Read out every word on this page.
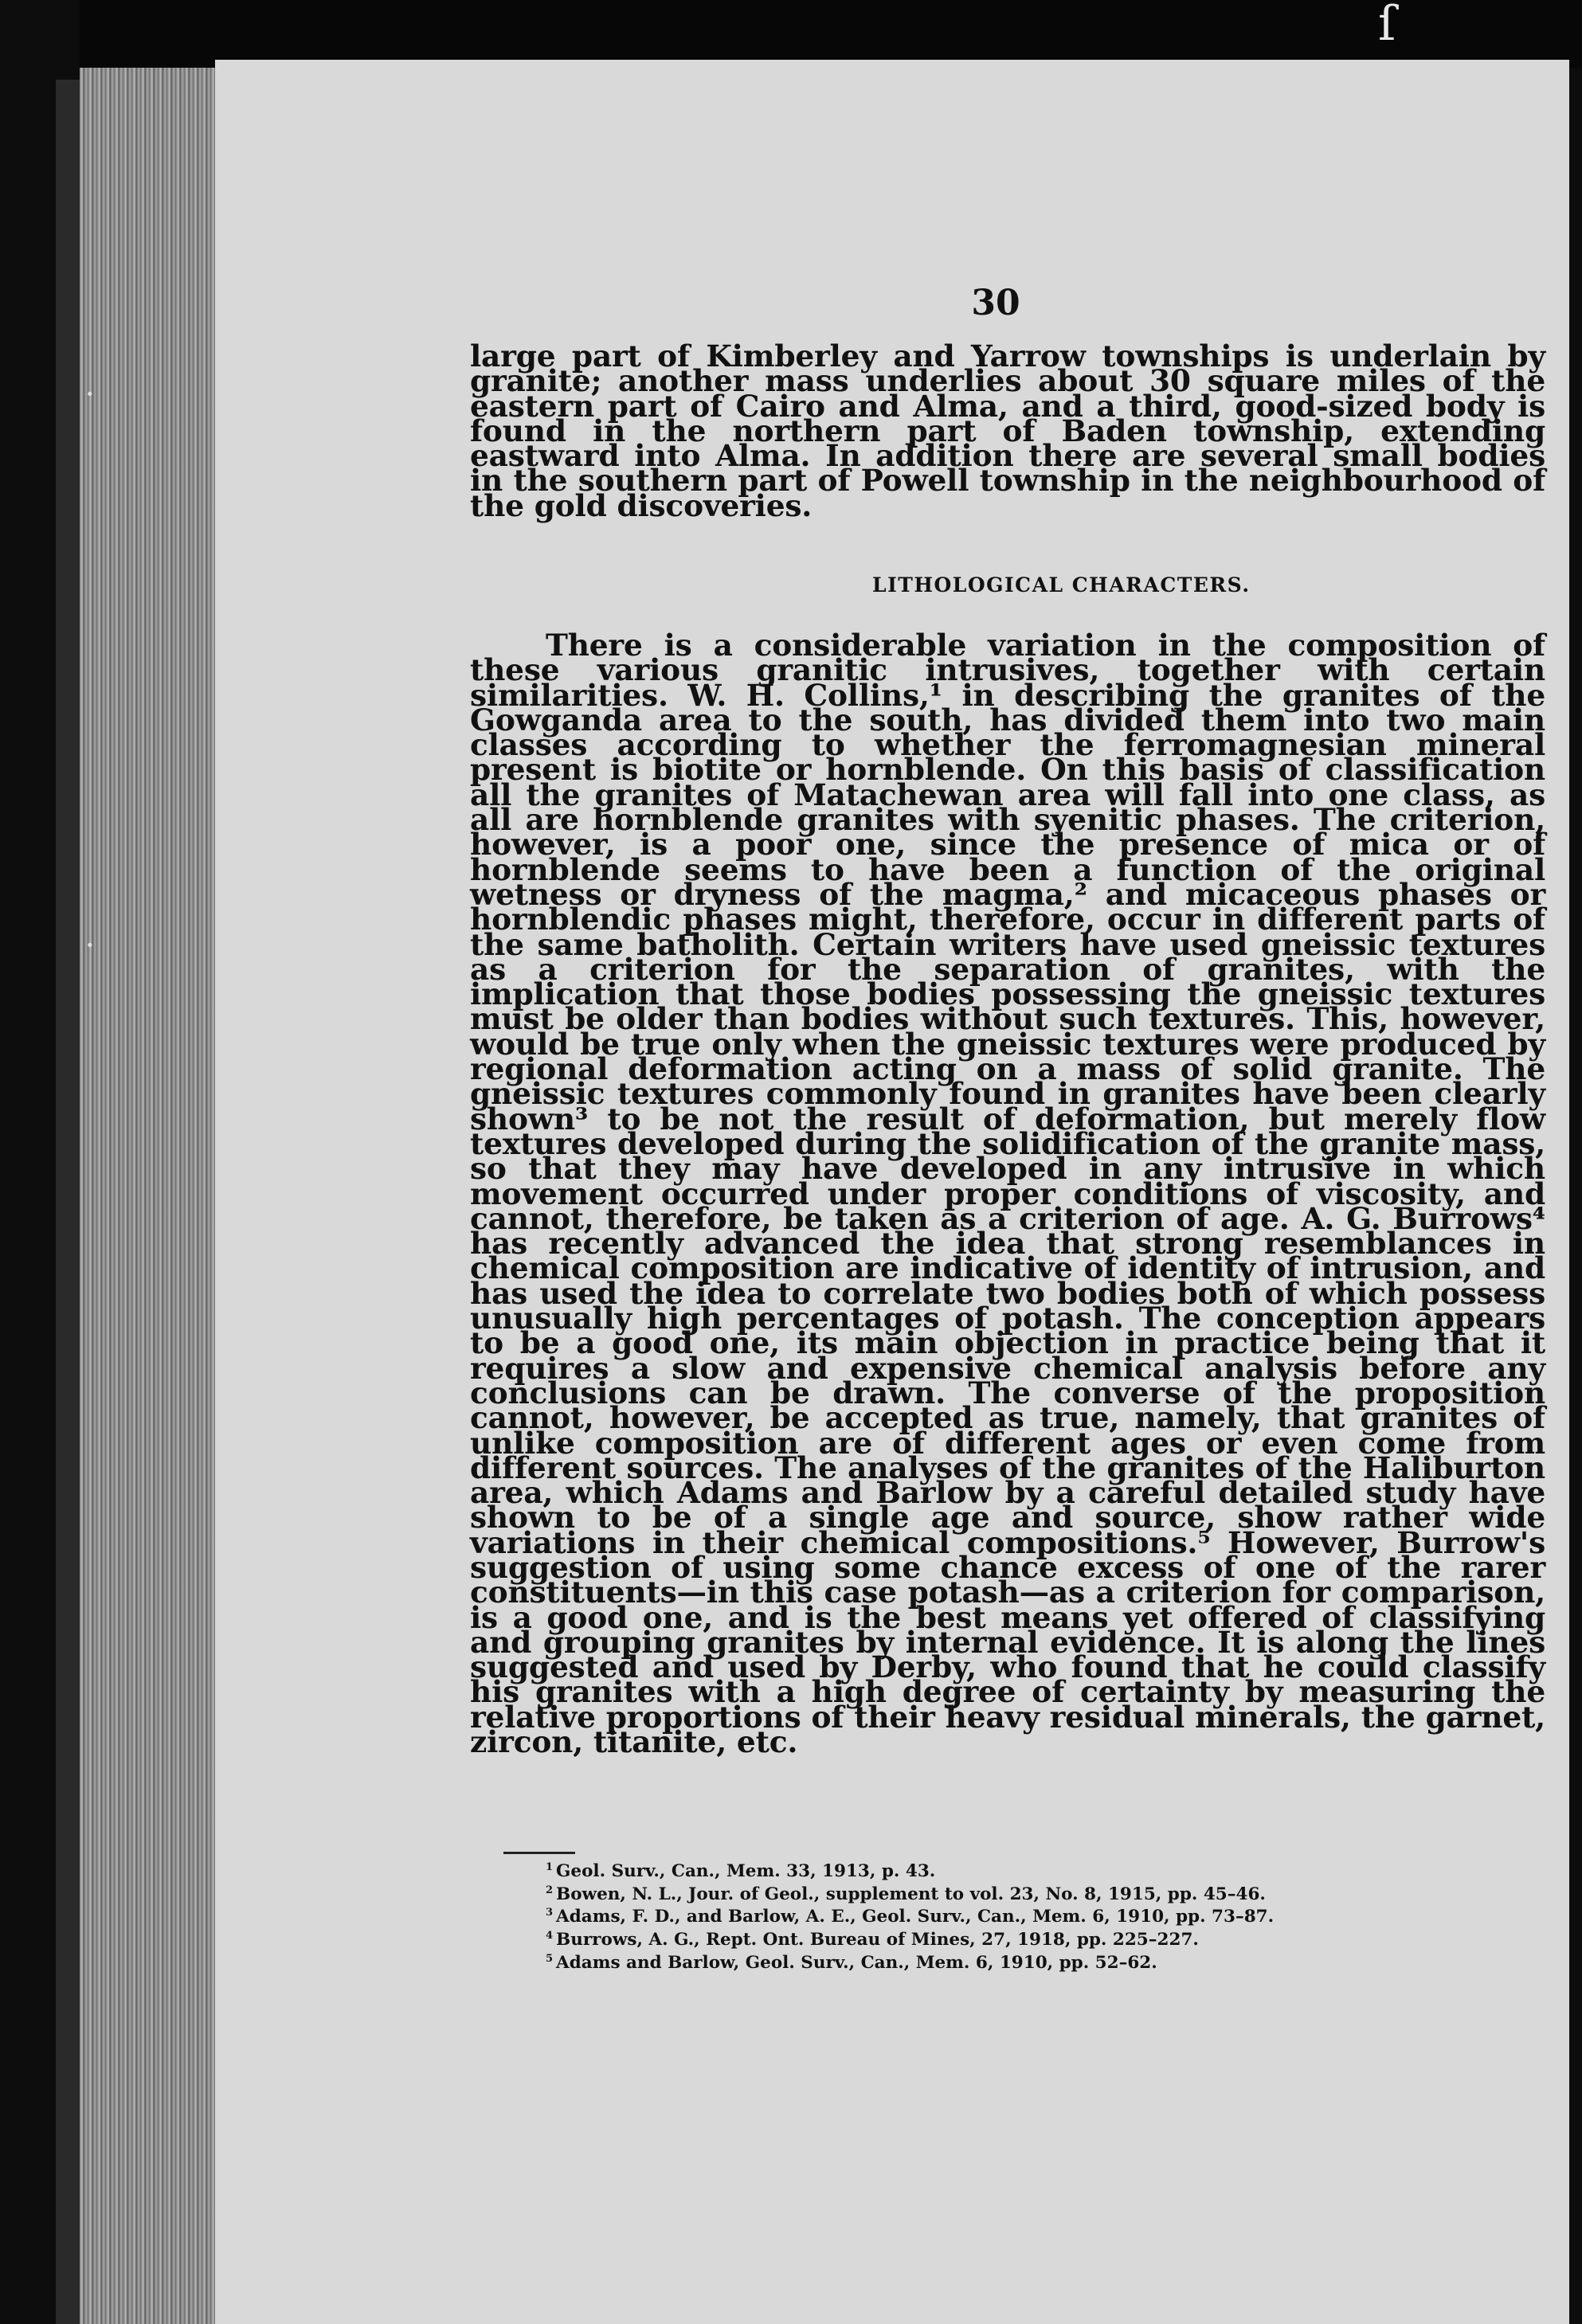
ſ
·
·
30
large part of Kimberley and Yarrow townships is underlain by granite; another mass underlies about 30 square miles of the eastern part of Cairo and Alma, and a third, good-sized body is found in the northern part of Baden township, extending eastward into Alma. In addition there are several small bodies in the southern part of Powell township in the neighbourhood of the gold discoveries.
LITHOLOGICAL CHARACTERS.
There is a considerable variation in the composition of these various granitic intrusives, together with certain similarities. W. H. Collins,¹ in describing the granites of the Gowganda area to the south, has divided them into two main classes according to whether the ferromagnesian mineral present is biotite or hornblende. On this basis of classification all the granites of Matachewan area will fall into one class, as all are hornblende granites with syenitic phases. The criterion, however, is a poor one, since the presence of mica or of hornblende seems to have been a function of the original wetness or dryness of the magma,² and micaceous phases or hornblendic phases might, therefore, occur in different parts of the same batholith. Certain writers have used gneissic textures as a criterion for the separation of granites, with the implication that those bodies possessing the gneissic textures must be older than bodies without such textures. This, however, would be true only when the gneissic textures were produced by regional deformation acting on a mass of solid granite. The gneissic textures commonly found in granites have been clearly shown³ to be not the result of deformation, but merely flow textures developed during the solidification of the granite mass, so that they may have developed in any intrusive in which movement occurred under proper conditions of viscosity, and cannot, therefore, be taken as a criterion of age. A. G. Burrows⁴ has recently advanced the idea that strong resemblances in chemical composition are indicative of identity of intrusion, and has used the idea to correlate two bodies both of which possess unusually high percentages of potash. The conception appears to be a good one, its main objection in practice being that it requires a slow and expensive chemical analysis before any conclusions can be drawn. The converse of the proposition cannot, however, be accepted as true, namely, that granites of unlike composition are of different ages or even come from different sources. The analyses of the granites of the Haliburton area, which Adams and Barlow by a careful detailed study have shown to be of a single age and source, show rather wide variations in their chemical compositions.⁵ However, Burrow's suggestion of using some chance excess of one of the rarer constituents—in this case potash—as a criterion for comparison, is a good one, and is the best means yet offered of classifying and grouping granites by internal evidence. It is along the lines suggested and used by Derby, who found that he could classify his granites with a high degree of certainty by measuring the relative proportions of their heavy residual minerals, the garnet, zircon, titanite, etc.
$^1$ Geol. Surv., Can., Mem. 33, 1913, p. 43.
$^2$ Bowen, N. L., Jour. of Geol., supplement to vol. 23, No. 8, 1915, pp. 45–46.
$^3$ Adams, F. D., and Barlow, A. E., Geol. Surv., Can., Mem. 6, 1910, pp. 73–87.
$^4$ Burrows, A. G., Rept. Ont. Bureau of Mines, 27, 1918, pp. 225–227.
$^5$ Adams and Barlow, Geol. Surv., Can., Mem. 6, 1910, pp. 52–62.
